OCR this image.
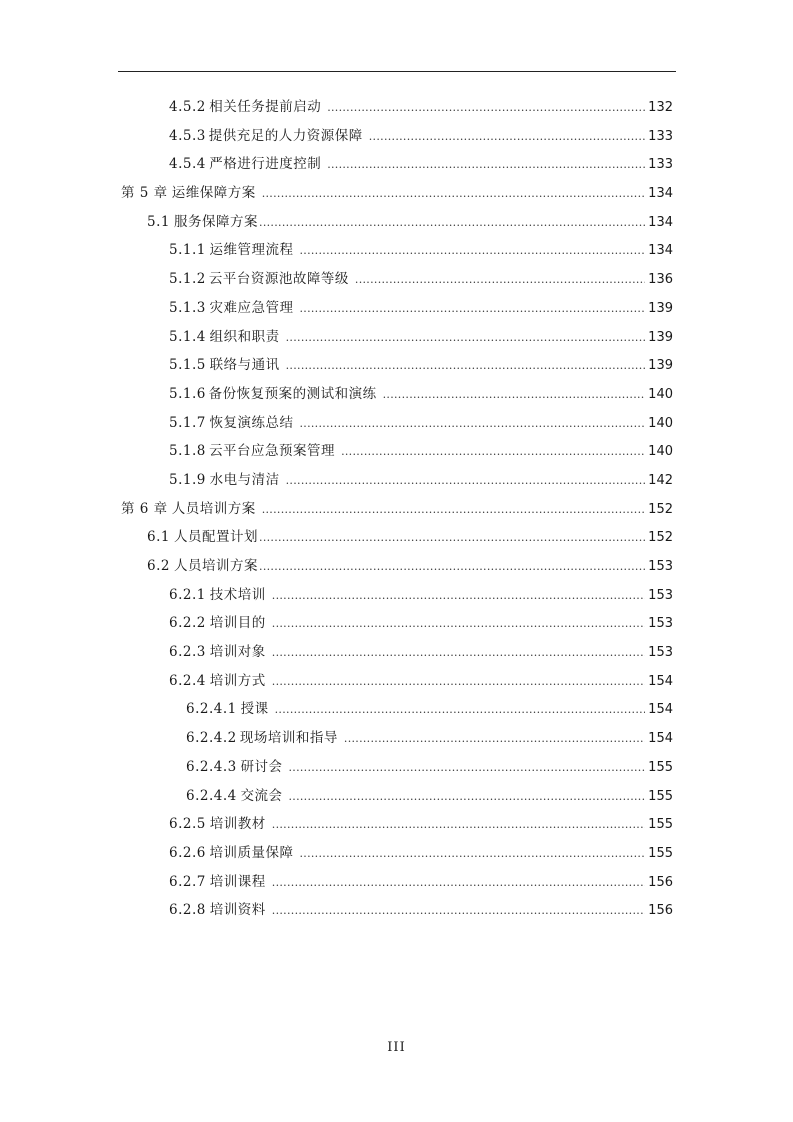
4.5.2 相关任务提前启动 .....	132
4.5.3 提供充足的人力资源保障 .....	133
4.5.4 严格进行进度控制 .....	133
第 5 章 运维保障方案 .....	134
5.1 服务保障方案 .....	134
5.1.1 运维管理流程 .....	134
5.1.2 云平台资源池故障等级 .....	136
5.1.3 灾难应急管理 .....	139
5.1.4 组织和职责 .....	139
5.1.5 联络与通讯 .....	139
5.1.6 备份恢复预案的测试和演练 .....	140
5.1.7 恢复演练总结 .....	140
5.1.8 云平台应急预案管理 .....	140
5.1.9 水电与清洁 .....	142
第 6 章 人员培训方案 .....	152
6.1 人员配置计划 .....	152
6.2 人员培训方案 .....	153
6.2.1 技术培训 .....	153
6.2.2 培训目的 .....	153
6.2.3 培训对象 .....	153
6.2.4 培训方式 .....	154
6.2.4.1 授课 .....	154
6.2.4.2 现场培训和指导 .....	154
6.2.4.3 研讨会 .....	155
6.2.4.4 交流会 .....	155
6.2.5 培训教材 .....	155
6.2.6 培训质量保障 .....	155
6.2.7 培训课程 .....	156
6.2.8 培训资料 .....	156
III
